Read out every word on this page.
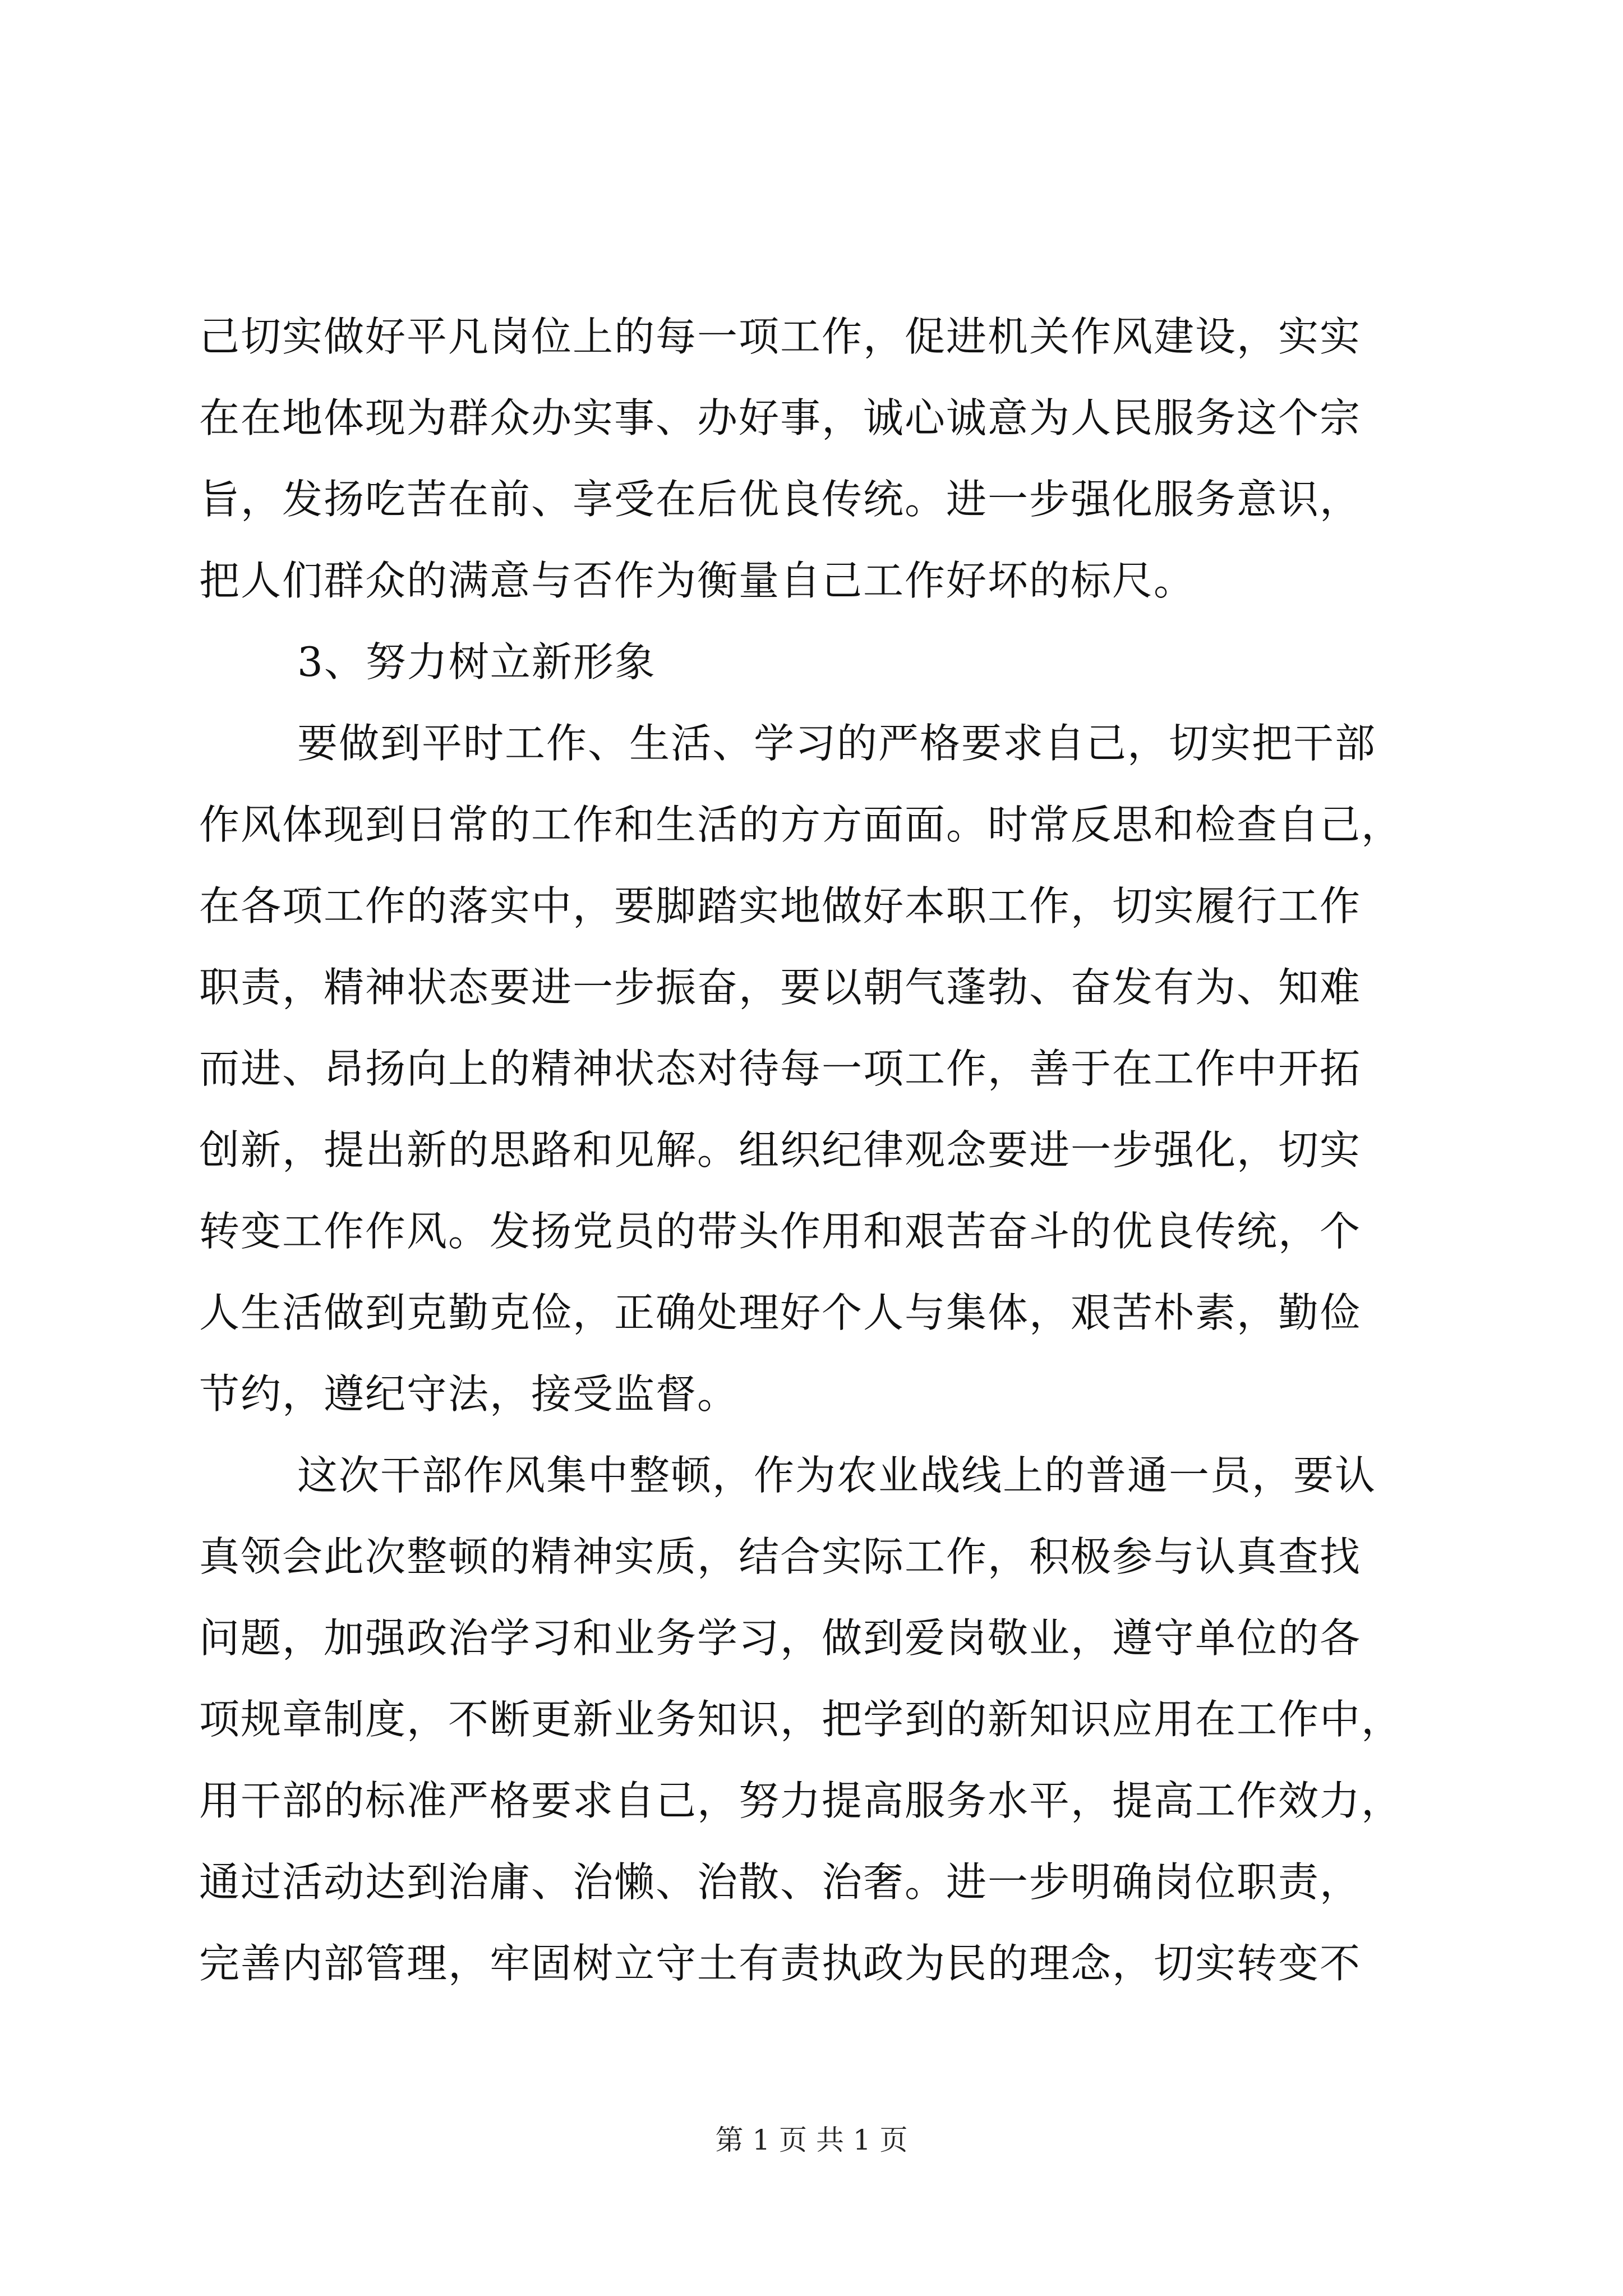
己切实做好平凡岗位上的每一项工作，促进机关作风建设，实实
在在地体现为群众办实事、办好事，诚心诚意为人民服务这个宗
旨，发扬吃苦在前、享受在后优良传统。进一步强化服务意识，
把人们群众的满意与否作为衡量自己工作好坏的标尺。
3、努力树立新形象
要做到平时工作、生活、学习的严格要求自己，切实把干部
作风体现到日常的工作和生活的方方面面。时常反思和检查自己，
在各项工作的落实中，要脚踏实地做好本职工作，切实履行工作
职责，精神状态要进一步振奋，要以朝气蓬勃、奋发有为、知难
而进、昂扬向上的精神状态对待每一项工作，善于在工作中开拓
创新，提出新的思路和见解。组织纪律观念要进一步强化，切实
转变工作作风。发扬党员的带头作用和艰苦奋斗的优良传统，个
人生活做到克勤克俭，正确处理好个人与集体，艰苦朴素，勤俭
节约，遵纪守法，接受监督。
这次干部作风集中整顿，作为农业战线上的普通一员，要认
真领会此次整顿的精神实质，结合实际工作，积极参与认真查找
问题，加强政治学习和业务学习，做到爱岗敬业，遵守单位的各
项规章制度，不断更新业务知识，把学到的新知识应用在工作中，
用干部的标准严格要求自己，努力提高服务水平，提高工作效力，
通过活动达到治庸、治懒、治散、治奢。进一步明确岗位职责，
完善内部管理，牢固树立守土有责执政为民的理念，切实转变不
第 1 页 共 1 页
